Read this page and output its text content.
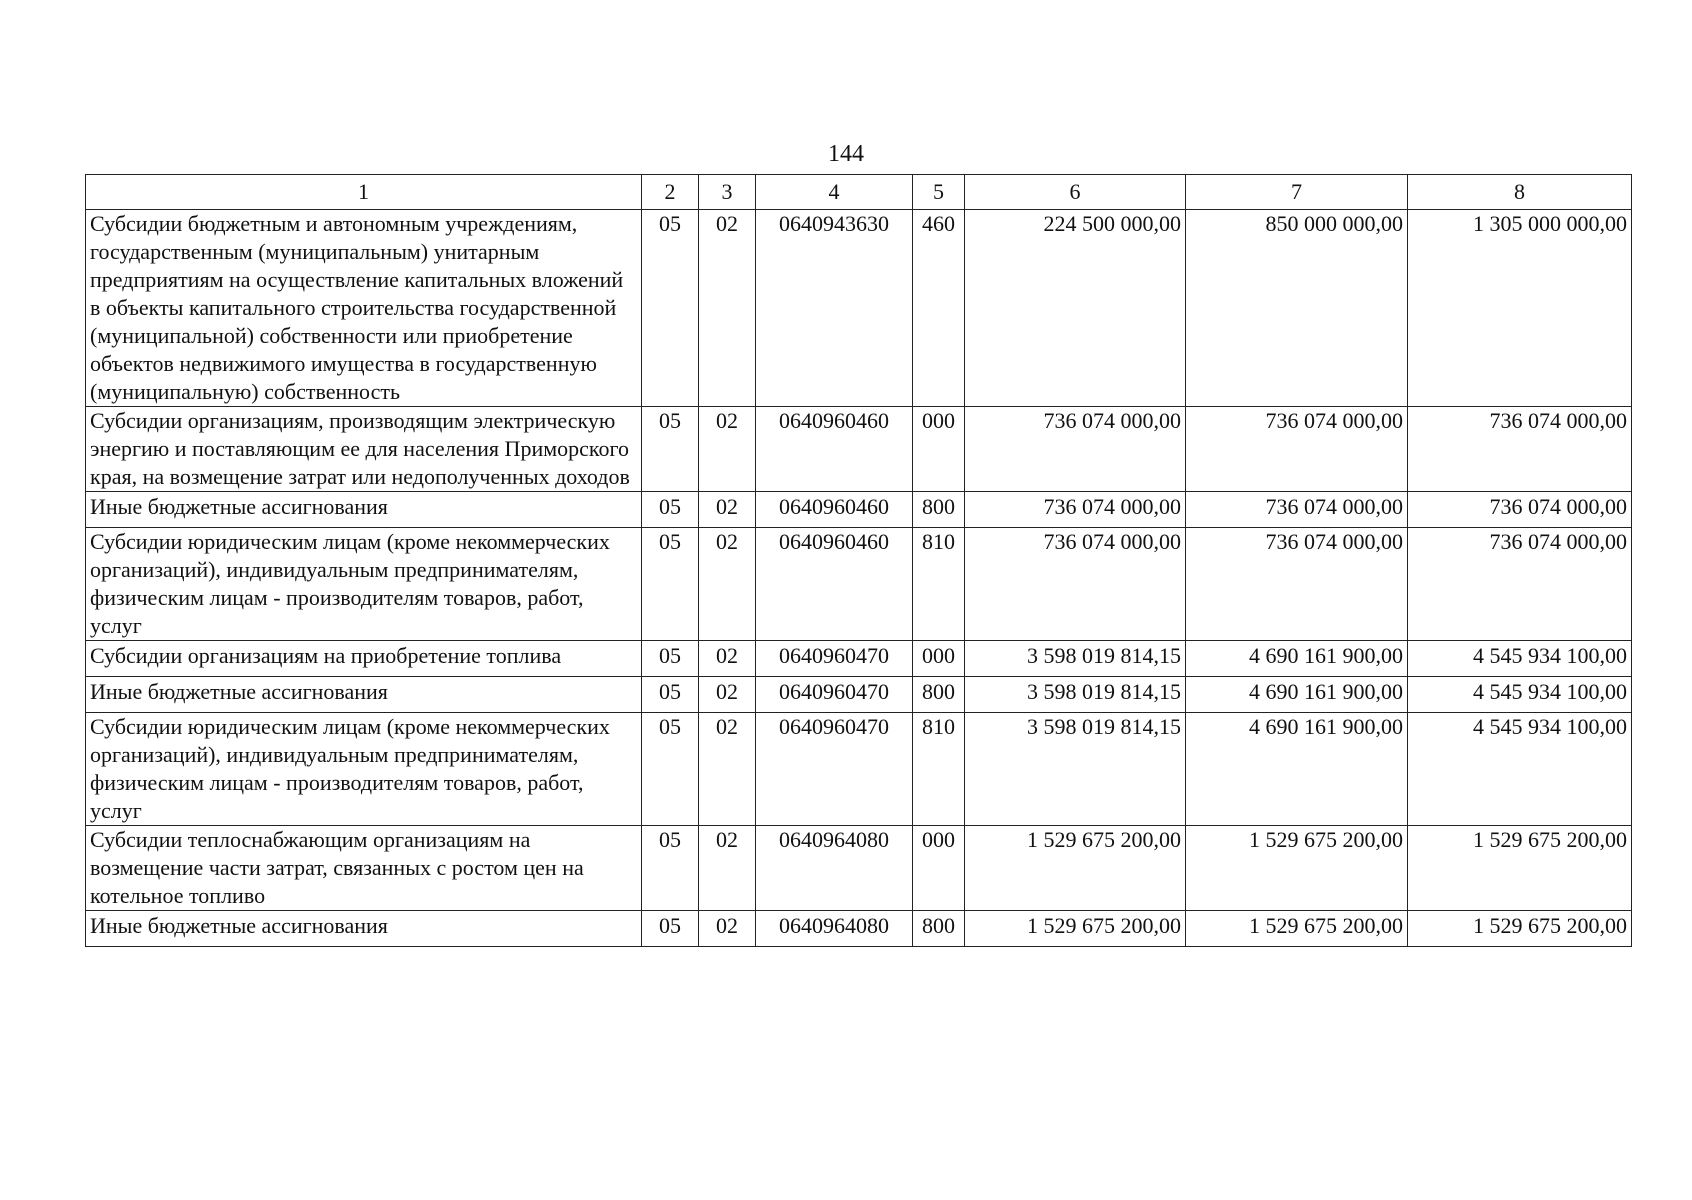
144
1	2	3	4	5	6	7	8
Субсидии бюджетным и автономным учреждениям, государственным (муниципальным) унитарным предприятиям на осуществление капитальных вложений в объекты капитального строительства государственной (муниципальной) собственности или приобретение объектов недвижимого имущества в государственную (муниципальную) собственность	05	02	0640943630	460	224 500 000,00	850 000 000,00	1 305 000 000,00
Субсидии организациям, производящим электрическую энергию и поставляющим ее для населения Приморского края, на возмещение затрат или недополученных доходов	05	02	0640960460	000	736 074 000,00	736 074 000,00	736 074 000,00
Иные бюджетные ассигнования	05	02	0640960460	800	736 074 000,00	736 074 000,00	736 074 000,00
Субсидии юридическим лицам (кроме некоммерческих организаций), индивидуальным предпринимателям, физическим лицам - производителям товаров, работ, услуг	05	02	0640960460	810	736 074 000,00	736 074 000,00	736 074 000,00
Субсидии организациям на приобретение топлива	05	02	0640960470	000	3 598 019 814,15	4 690 161 900,00	4 545 934 100,00
Иные бюджетные ассигнования	05	02	0640960470	800	3 598 019 814,15	4 690 161 900,00	4 545 934 100,00
Субсидии юридическим лицам (кроме некоммерческих организаций), индивидуальным предпринимателям, физическим лицам - производителям товаров, работ, услуг	05	02	0640960470	810	3 598 019 814,15	4 690 161 900,00	4 545 934 100,00
Субсидии теплоснабжающим организациям на возмещение части затрат, связанных с ростом цен на котельное топливо	05	02	0640964080	000	1 529 675 200,00	1 529 675 200,00	1 529 675 200,00
Иные бюджетные ассигнования	05	02	0640964080	800	1 529 675 200,00	1 529 675 200,00	1 529 675 200,00
